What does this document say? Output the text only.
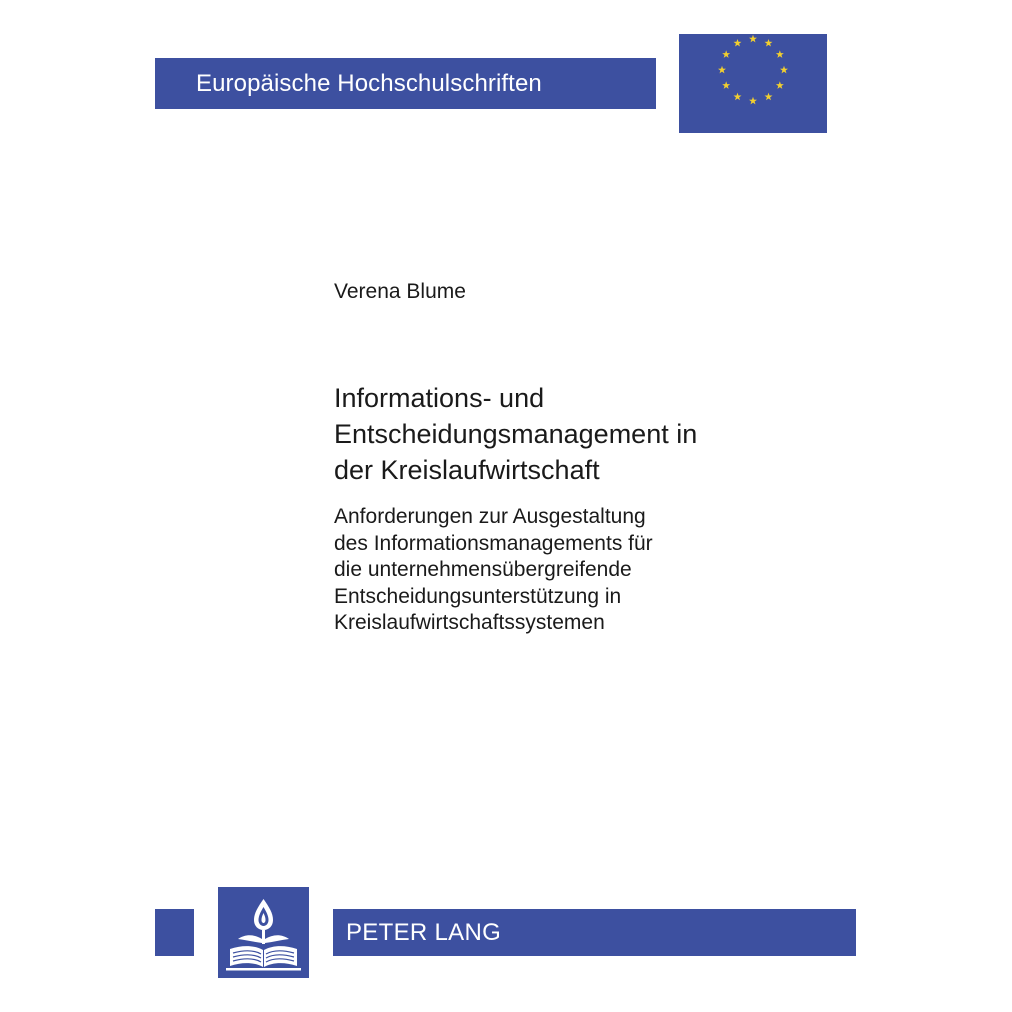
Europäische Hochschulschriften
Verena Blume
Informations- und
Entscheidungsmanagement in
der Kreislaufwirtschaft
Anforderungen zur Ausgestaltung
des Informationsmanagements für
die unternehmensübergreifende
Entscheidungsunterstützung in
Kreislaufwirtschaftssystemen
PETER LANG
